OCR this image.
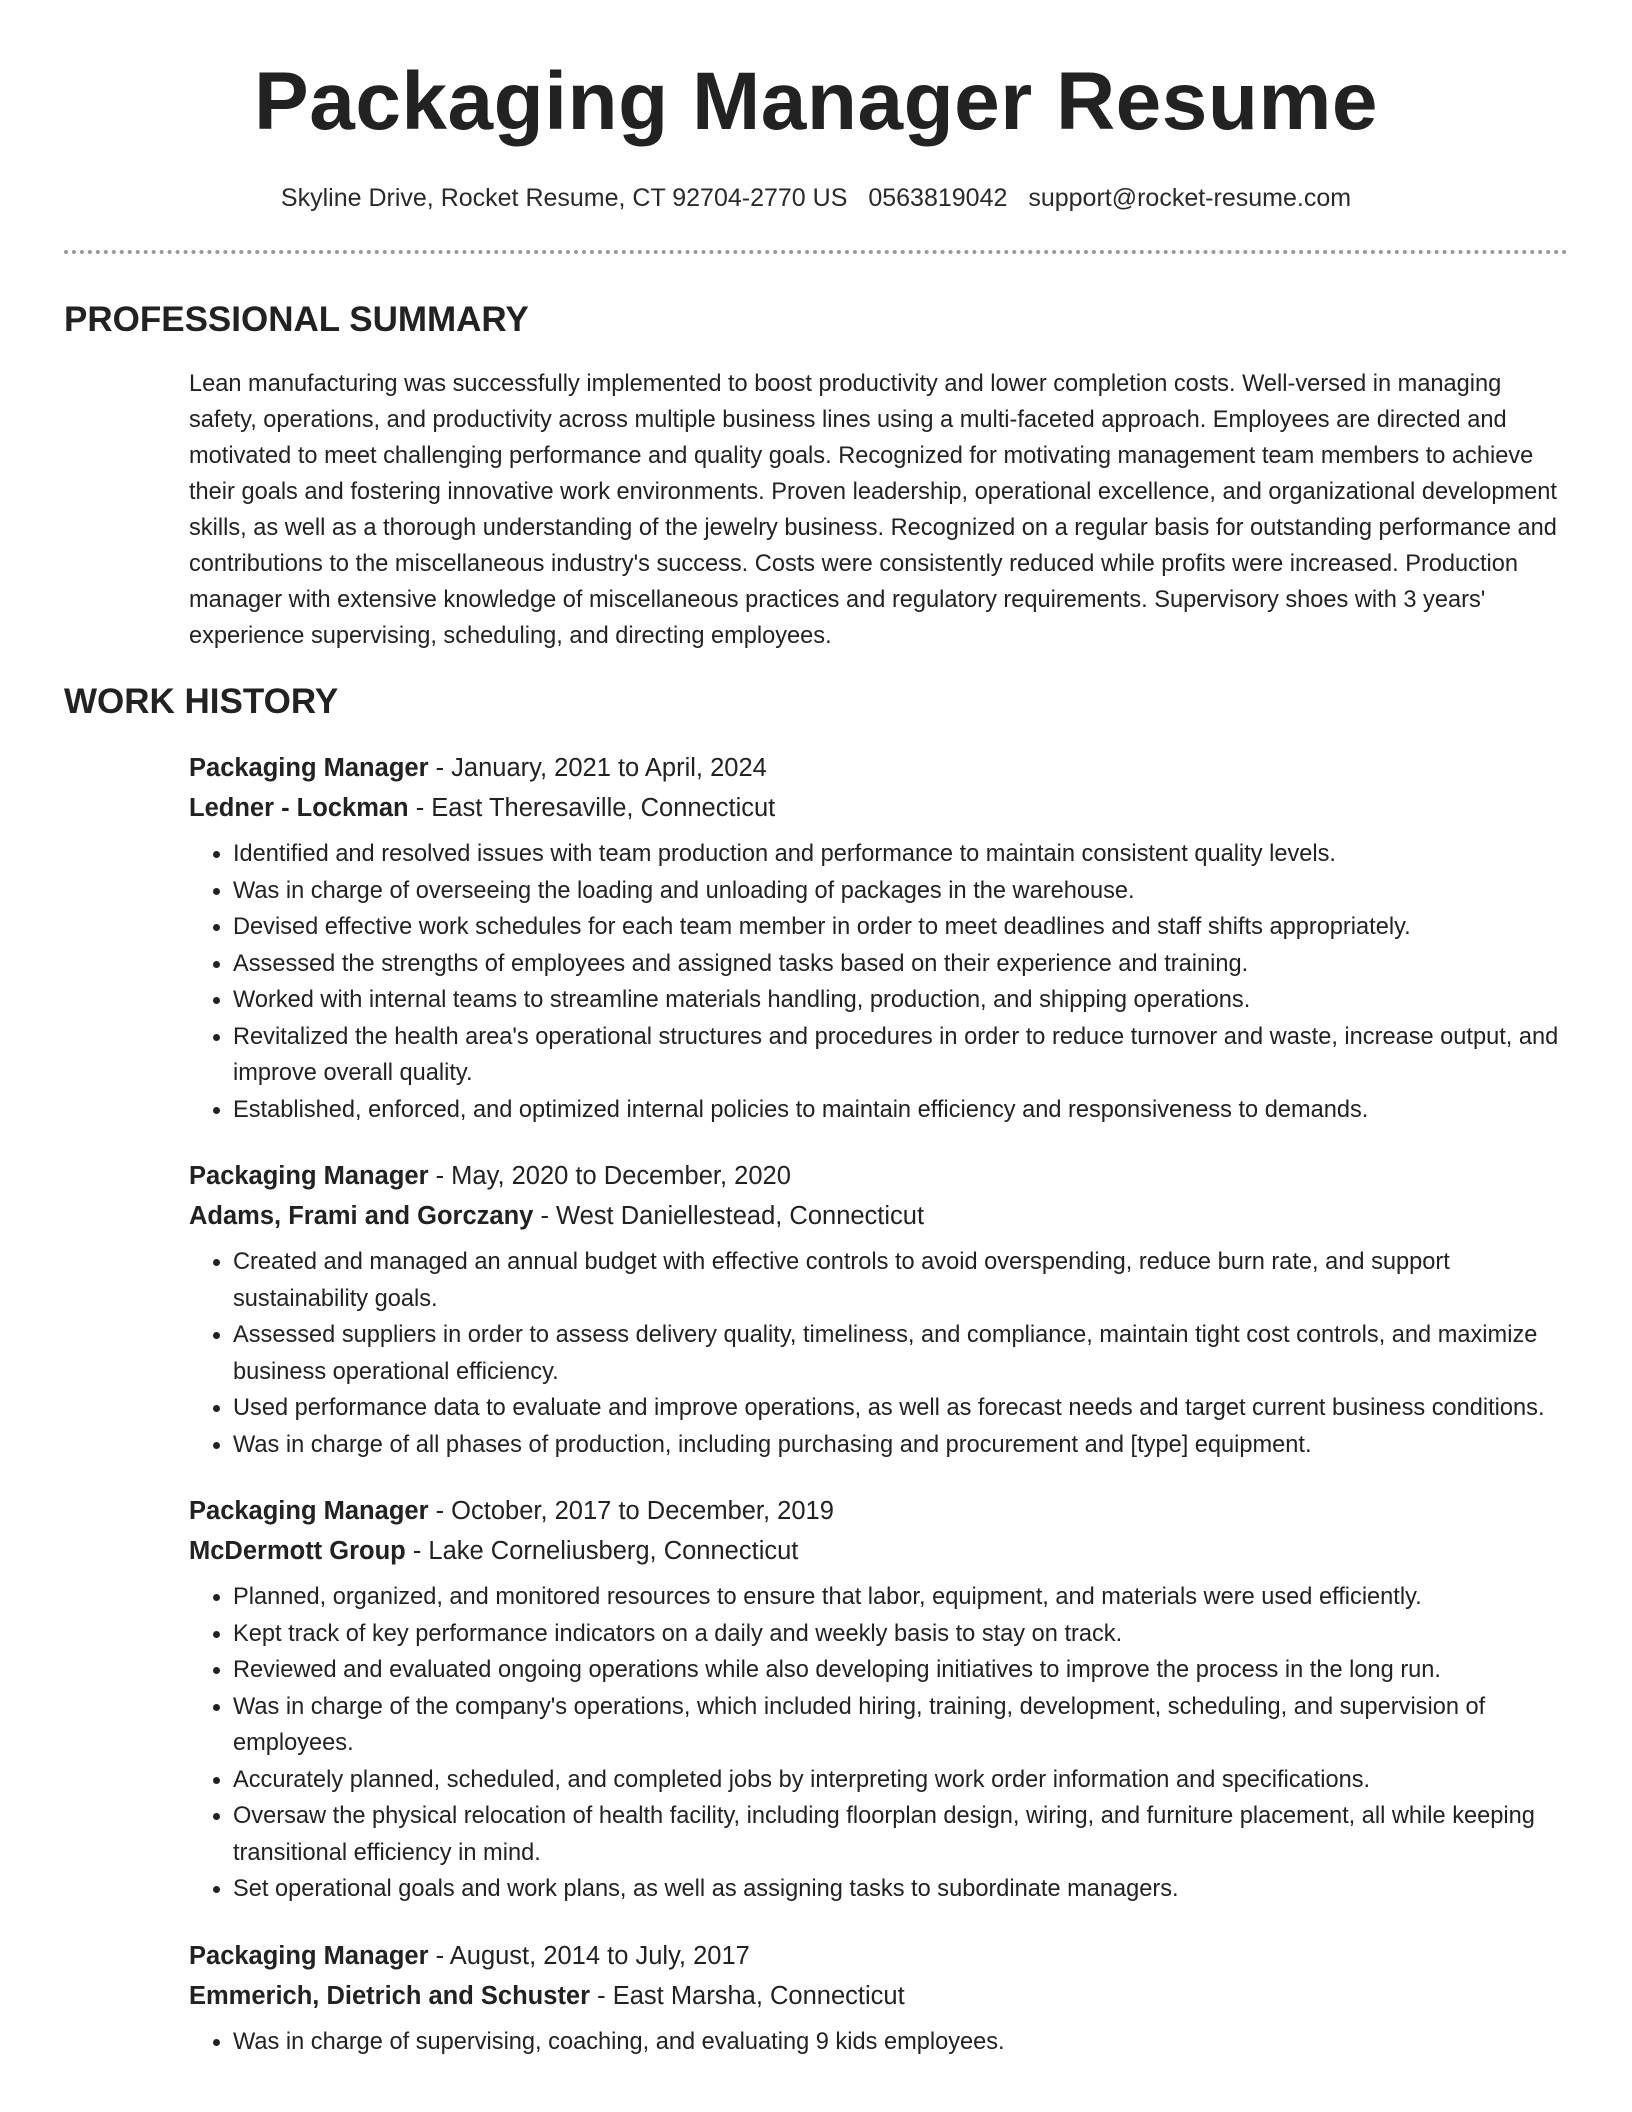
Packaging Manager Resume
Skyline Drive, Rocket Resume, CT 92704-2770 US 0563819042 support@rocket-resume.com
PROFESSIONAL SUMMARY

Lean manufacturing was successfully implemented to boost productivity and lower completion costs. Well-versed in managing safety, operations, and productivity across multiple business lines using a multi-faceted approach. Employees are directed and motivated to meet challenging performance and quality goals. Recognized for motivating management team members to achieve their goals and fostering innovative work environments. Proven leadership, operational excellence, and organizational development skills, as well as a thorough understanding of the jewelry business. Recognized on a regular basis for outstanding performance and contributions to the miscellaneous industry's success. Costs were consistently reduced while profits were increased. Production manager with extensive knowledge of miscellaneous practices and regulatory requirements. Supervisory shoes with 3 years' experience supervising, scheduling, and directing employees.

WORK HISTORY
Packaging Manager - January, 2021 to April, 2024
Ledner - Lockman - East Theresaville, Connecticut
• Identified and resolved issues with team production and performance to maintain consistent quality levels.
• Was in charge of overseeing the loading and unloading of packages in the warehouse.
• Devised effective work schedules for each team member in order to meet deadlines and staff shifts appropriately.
• Assessed the strengths of employees and assigned tasks based on their experience and training.
• Worked with internal teams to streamline materials handling, production, and shipping operations.
• Revitalized the health area's operational structures and procedures in order to reduce turnover and waste, increase output, and improve overall quality.
• Established, enforced, and optimized internal policies to maintain efficiency and responsiveness to demands.
Packaging Manager - May, 2020 to December, 2020
Adams, Frami and Gorczany - West Daniellestead, Connecticut
• Created and managed an annual budget with effective controls to avoid overspending, reduce burn rate, and support sustainability goals.
• Assessed suppliers in order to assess delivery quality, timeliness, and compliance, maintain tight cost controls, and maximize business operational efficiency.
• Used performance data to evaluate and improve operations, as well as forecast needs and target current business conditions.
• Was in charge of all phases of production, including purchasing and procurement and [type] equipment.
Packaging Manager - October, 2017 to December, 2019
McDermott Group - Lake Corneliusberg, Connecticut
• Planned, organized, and monitored resources to ensure that labor, equipment, and materials were used efficiently.
• Kept track of key performance indicators on a daily and weekly basis to stay on track.
• Reviewed and evaluated ongoing operations while also developing initiatives to improve the process in the long run.
• Was in charge of the company's operations, which included hiring, training, development, scheduling, and supervision of employees.
• Accurately planned, scheduled, and completed jobs by interpreting work order information and specifications.
• Oversaw the physical relocation of health facility, including floorplan design, wiring, and furniture placement, all while keeping transitional efficiency in mind.
• Set operational goals and work plans, as well as assigning tasks to subordinate managers.
Packaging Manager - August, 2014 to July, 2017
Emmerich, Dietrich and Schuster - East Marsha, Connecticut
• Was in charge of supervising, coaching, and evaluating 9 kids employees.
